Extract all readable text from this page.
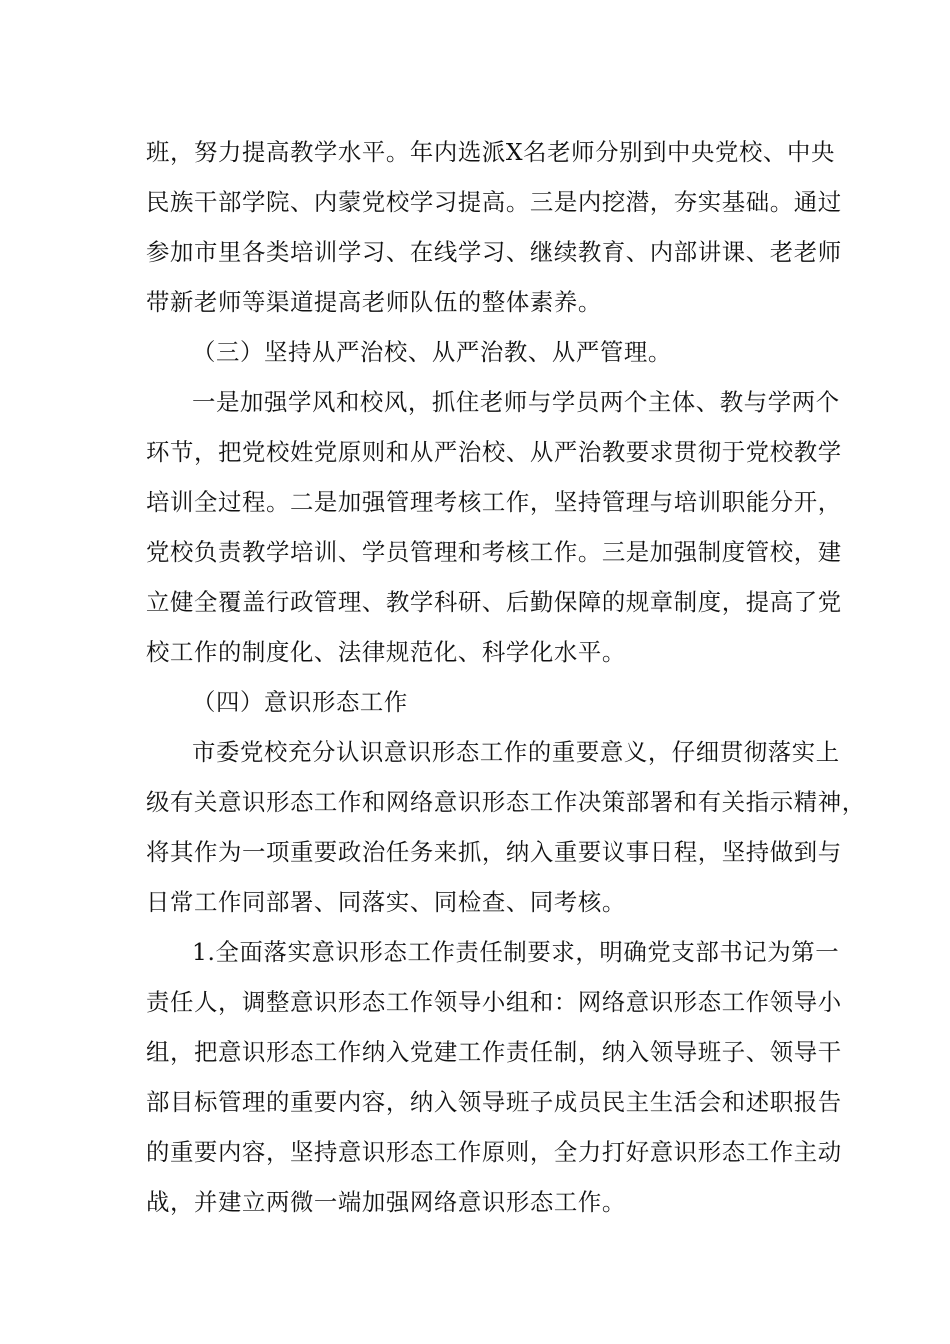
班，努力提高教学水平。年内选派X名老师分别到中央党校、中央

民族干部学院、内蒙党校学习提高。三是内挖潜，夯实基础。通过

参加市里各类培训学习、在线学习、继续教育、内部讲课、老老师

带新老师等渠道提高老师队伍的整体素养。

（三）坚持从严治校、从严治教、从严管理。

一是加强学风和校风，抓住老师与学员两个主体、教与学两个

环节，把党校姓党原则和从严治校、从严治教要求贯彻于党校教学

培训全过程。二是加强管理考核工作，坚持管理与培训职能分开，

党校负责教学培训、学员管理和考核工作。三是加强制度管校，建

立健全覆盖行政管理、教学科研、后勤保障的规章制度，提高了党

校工作的制度化、法律规范化、科学化水平。

（四）意识形态工作

市委党校充分认识意识形态工作的重要意义，仔细贯彻落实上

级有关意识形态工作和网络意识形态工作决策部署和有关指示精神，

将其作为一项重要政治任务来抓，纳入重要议事日程，坚持做到与

日常工作同部署、同落实、同检查、同考核。

1.全面落实意识形态工作责任制要求，明确党支部书记为第一

责任人，调整意识形态工作领导小组和：网络意识形态工作领导小

组，把意识形态工作纳入党建工作责任制，纳入领导班子、领导干

部目标管理的重要内容，纳入领导班子成员民主生活会和述职报告

的重要内容，坚持意识形态工作原则，全力打好意识形态工作主动

战，并建立两微一端加强网络意识形态工作。
